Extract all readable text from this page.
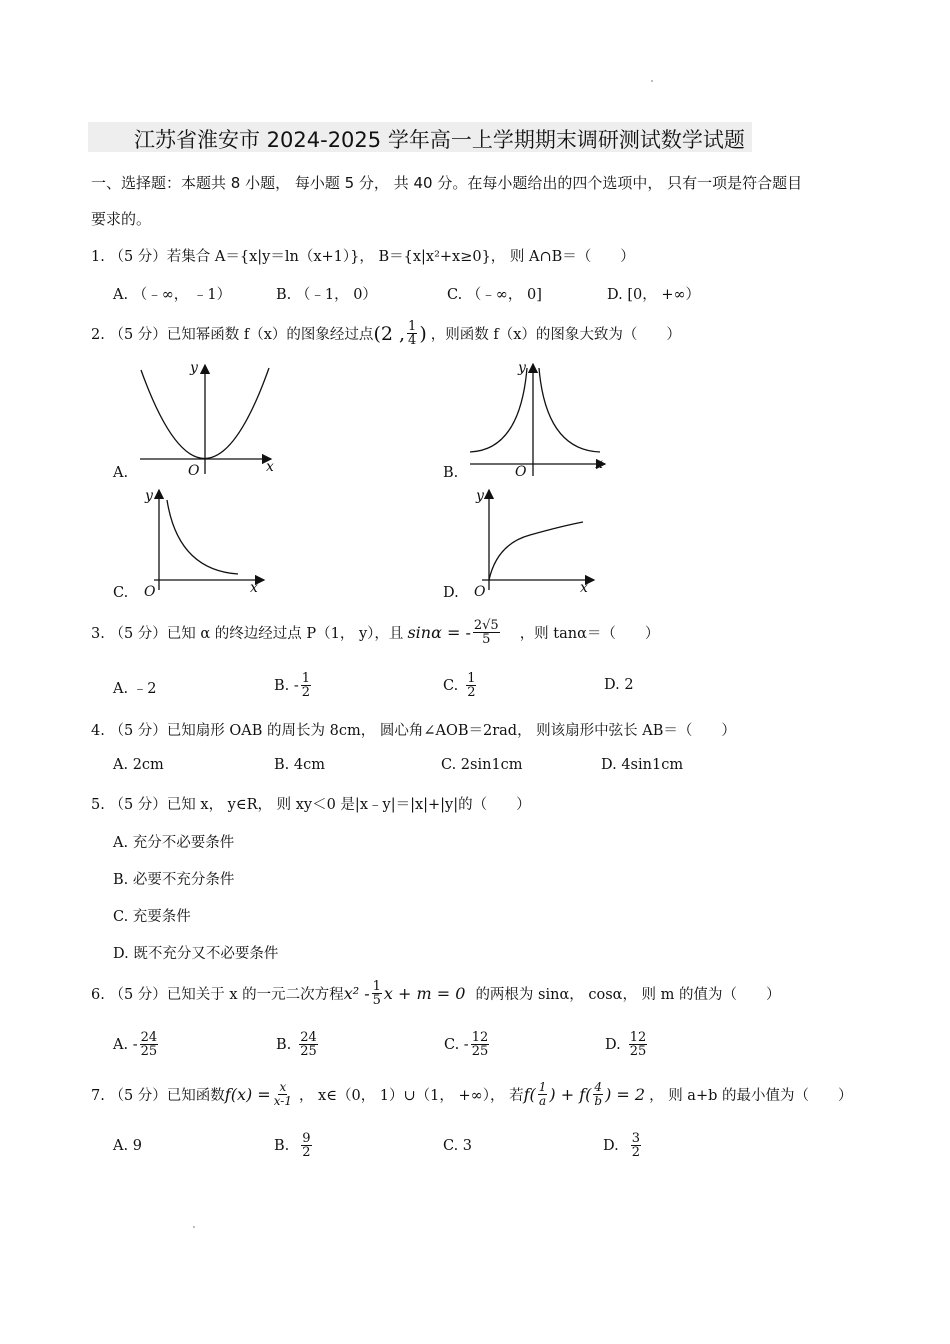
江苏省淮安市 2024-2025 学年高一上学期期末调研测试数学试题
一、选择题：本题共 8 小题， 每小题 5 分， 共 40 分。在每小题给出的四个选项中， 只有一项是符合题目
要求的。
1. （5 分）若集合 A＝{x|y＝ln（x+1）}， B＝{x|x²+x≥0}， 则 A∩B＝（　　）
A. （﹣∞， ﹣1）	B. （﹣1， 0）	C. （﹣∞， 0]	D. [0， +∞）
2. （5 分）已知幂函数 f（x）的图象经过点 (2 , $\frac{1}{4}$ ) ，则函数 f（x）的图象大致为（　　）
x
y
O
A.
x
y
O
B.
x
y
O
C.	x
y
O
D.
3. （5 分）已知 α 的终边经过点 P（1， y），且 sinα = - $\frac{2√5}{5}$ ，则 tanα＝（　　）
A. ﹣2	B. - $\frac{1}{2}$	C. $\frac{1}{2}$	D. 2
4. （5 分）已知扇形 OAB 的周长为 8cm， 圆心角∠AOB＝2rad， 则该扇形中弦长 AB＝（　　）
A. 2cm	B. 4cm	C. 2sin1cm	D. 4sin1cm
5. （5 分）已知 x， y∈R， 则 xy＜0 是|x﹣y|＝|x|+|y|的（　　）
A. 充分不必要条件
B. 必要不充分条件
C. 充要条件
D. 既不充分又不必要条件
6. （5 分）已知关于 x 的一元二次方程 $x^2 - \frac{1}{5}$ x + m = 0 的两根为 sinα， cosα， 则 m 的值为（　　）
A. - $\frac{24}{25}$	B. $\frac{24}{25}$	C. - $\frac{12}{25}$	D. $\frac{12}{25}$
7. （5 分）已知函数 $f(x) = \frac{x}{x-1}$ ， x∈（0， 1）∪（1， +∞）， 若 $f( \frac{1}{a}$ ) + $f( \frac{4}{b}$ ) = 2 ， 则 a+b 的最小值为（　　）
A. 9	B. $\frac{9}{2}$	C. 3	D. $\frac{3}{2}$
